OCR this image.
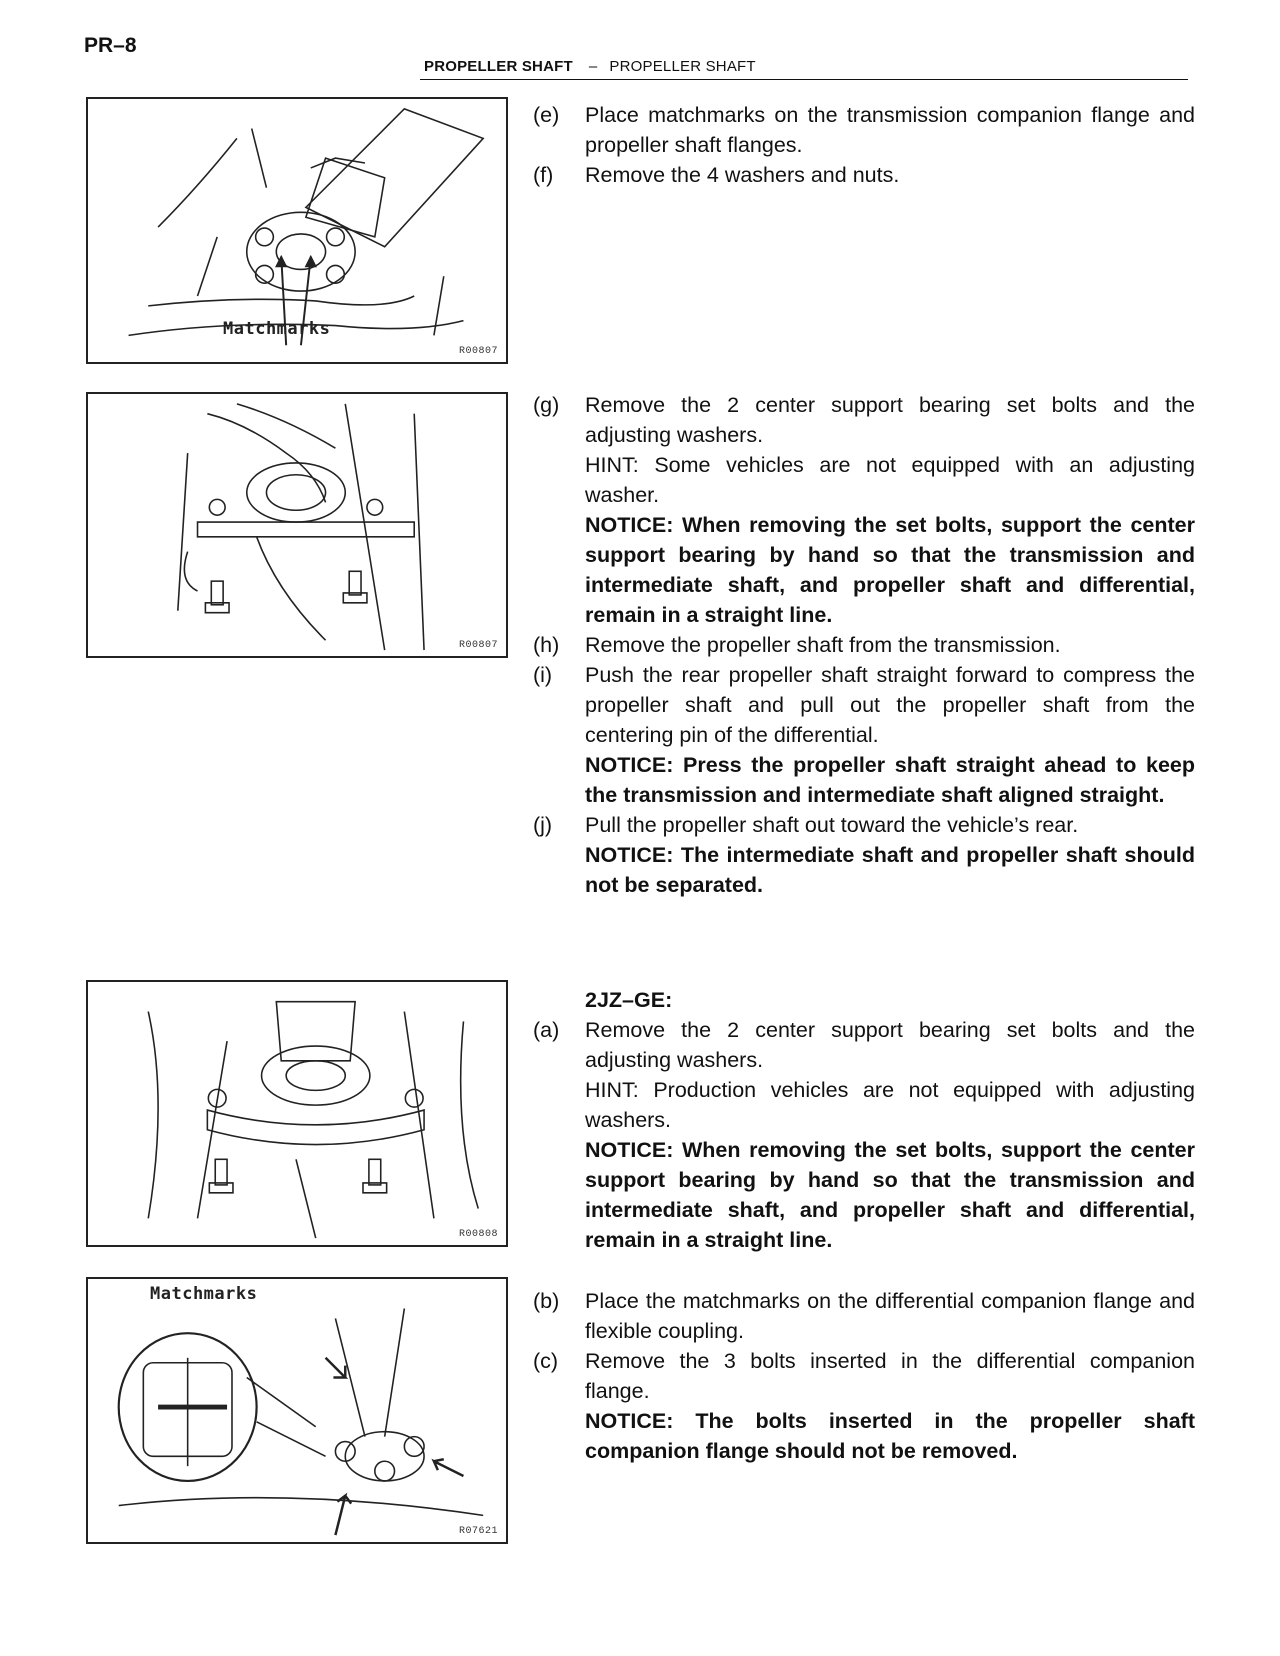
PR–8
PROPELLER SHAFT – PROPELLER SHAFT
Matchmarks
R00807
R00807
R00808
Matchmarks
R07621
(e)	Place matchmarks on the transmission companion flange and propeller shaft flanges.
(f)	Remove the 4 washers and nuts.
(g)	Remove the 2 center support bearing set bolts and the adjusting washers.
HINT: Some vehicles are not equipped with an adjusting washer.
NOTICE: When removing the set bolts, support the center support bearing by hand so that the transmission and intermediate shaft, and propeller shaft and differential, remain in a straight line.
(h)	Remove the propeller shaft from the transmission.
(i)	Push the rear propeller shaft straight forward to compress the propeller shaft and pull out the propeller shaft from the centering pin of the differential.
NOTICE: Press the propeller shaft straight ahead to keep the transmission and intermediate shaft aligned straight.
(j)	Pull the propeller shaft out toward the vehicle’s rear.
NOTICE: The intermediate shaft and propeller shaft should not be separated.
2JZ–GE:
(a)	Remove the 2 center support bearing set bolts and the adjusting washers.
HINT: Production vehicles are not equipped with adjusting washers.
NOTICE: When removing the set bolts, support the center support bearing by hand so that the transmission and intermediate shaft, and propeller shaft and differential, remain in a straight line.
(b)	Place the matchmarks on the differential companion flange and flexible coupling.
(c)	Remove the 3 bolts inserted in the differential companion flange.
NOTICE: The bolts inserted in the propeller shaft companion flange should not be removed.
